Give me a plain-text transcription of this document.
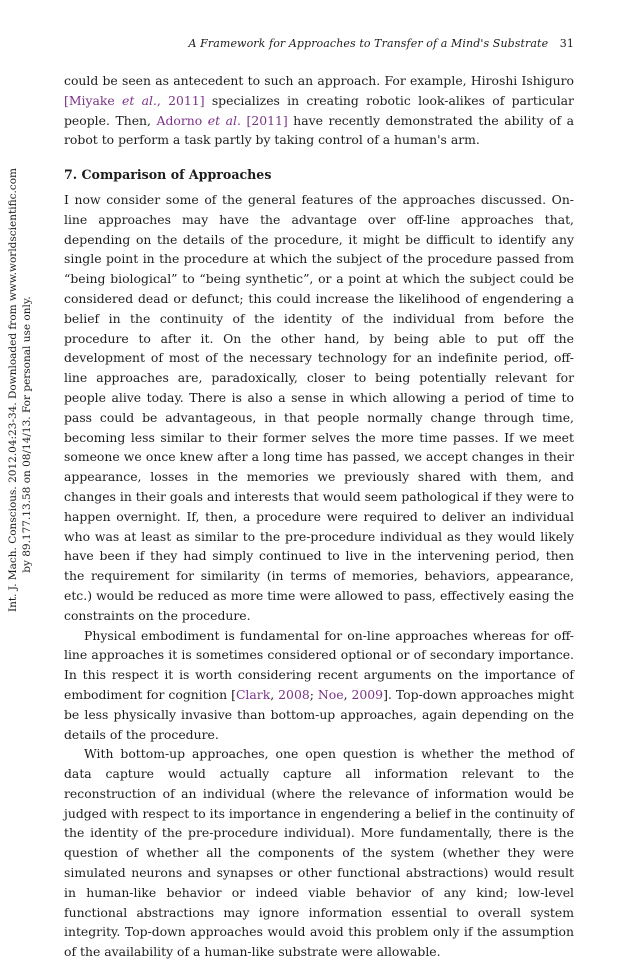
A Framework for Approaches to Transfer of a Mind's Substrate 31
Int. J. Mach. Conscious. 2012.04:23-34. Downloaded from www.worldscientific.com by 89.177.13.58 on 08/14/13. For personal use only.

could be seen as antecedent to such an approach. For example, Hiroshi Ishiguro [Miyake et al., 2011] specializes in creating robotic look-alikes of particular people. Then, Adorno et al. [2011] have recently demonstrated the ability of a robot to perform a task partly by taking control of a human's arm.

7. Comparison of Approaches

I now consider some of the general features of the approaches discussed. On-line approaches may have the advantage over off-line approaches that, depending on the details of the procedure, it might be difficult to identify any single point in the procedure at which the subject of the procedure passed from “being biological” to “being synthetic”, or a point at which the subject could be considered dead or defunct; this could increase the likelihood of engendering a belief in the continuity of the identity of the individual from before the procedure to after it. On the other hand, by being able to put off the development of most of the necessary technology for an indefinite period, off-line approaches are, paradoxically, closer to being potentially relevant for people alive today. There is also a sense in which allowing a period of time to pass could be advantageous, in that people normally change through time, becoming less similar to their former selves the more time passes. If we meet someone we once knew after a long time has passed, we accept changes in their appearance, losses in the memories we previously shared with them, and changes in their goals and interests that would seem pathological if they were to happen overnight. If, then, a procedure were required to deliver an individual who was at least as similar to the pre-procedure individual as they would likely have been if they had simply continued to live in the intervening period, then the requirement for similarity (in terms of memories, behaviors, appearance, etc.) would be reduced as more time were allowed to pass, effectively easing the constraints on the procedure.

Physical embodiment is fundamental for on-line approaches whereas for off-line approaches it is sometimes considered optional or of secondary importance. In this respect it is worth considering recent arguments on the importance of embodiment for cognition [Clark, 2008; Noe, 2009]. Top-down approaches might be less physically invasive than bottom-up approaches, again depending on the details of the procedure.

With bottom-up approaches, one open question is whether the method of data capture would actually capture all information relevant to the reconstruction of an individual (where the relevance of information would be judged with respect to its importance in engendering a belief in the continuity of the identity of the pre-procedure individual). More fundamentally, there is the question of whether all the components of the system (whether they were simulated neurons and synapses or other functional abstractions) would result in human-like behavior or indeed viable behavior of any kind; low-level functional abstractions may ignore information essential to overall system integrity. Top-down approaches would avoid this problem only if the assumption of the availability of a human-like substrate were allowable.
